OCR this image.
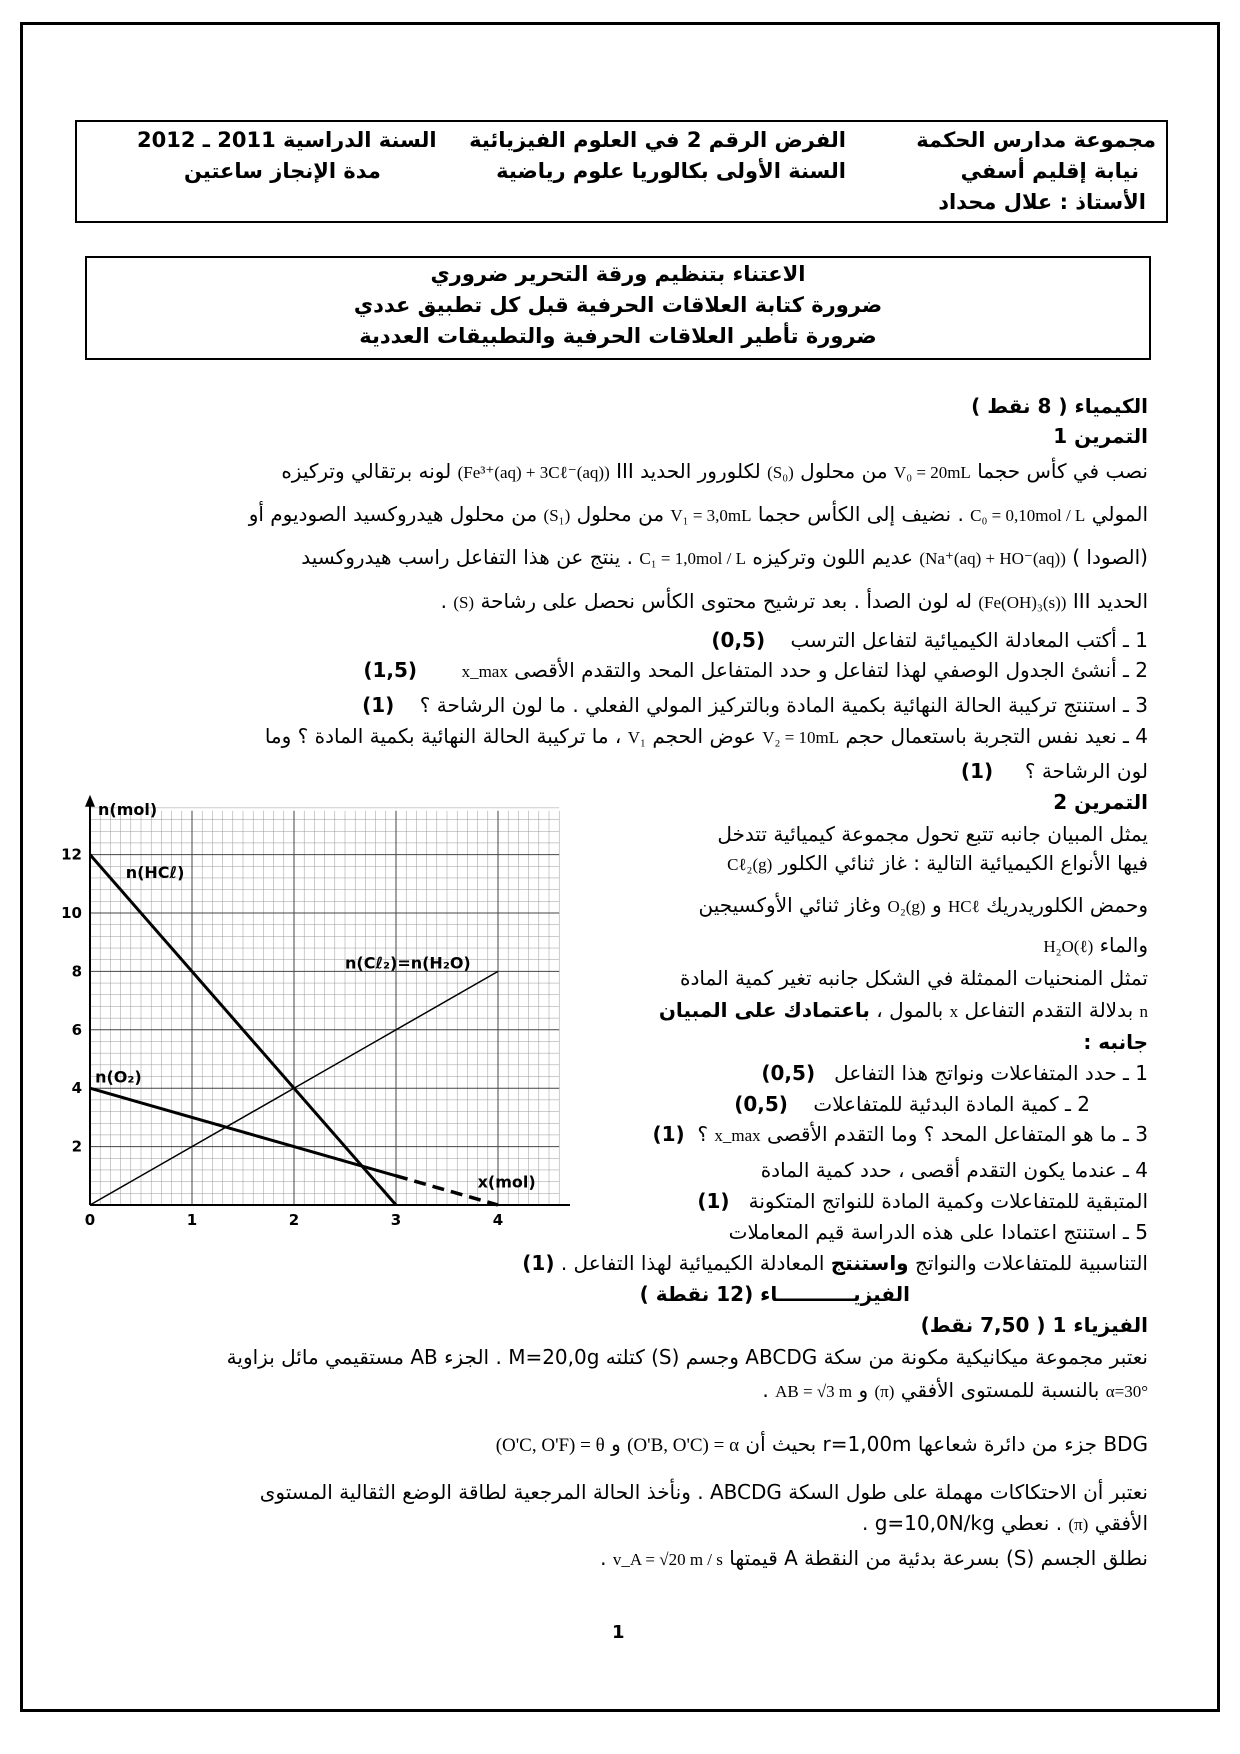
مجموعة مدارس الحكمة
الفرض الرقم 2 في العلوم الفيزيائية
السنة الدراسية 2011 ـ 2012
نيابة إقليم أسفي
السنة الأولى بكالوريا علوم رياضية
مدة الإنجاز ساعتين
الأستاذ : علال محداد
الاعتناء بتنظيم ورقة التحرير ضروري
ضرورة كتابة العلاقات الحرفية قبل كل تطبيق عددي
ضرورة تأطير العلاقات الحرفية والتطبيقات العددية
الكيمياء ( 8 نقط )
التمرين 1
نصب في كأس حجما V₀ = 20mL من محلول (S₀) لكلورور الحديد III (Fe³⁺(aq) + 3Cℓ⁻(aq)) لونه برتقالي وتركيزه
المولي C₀ = 0,10mol / L . نضيف إلى الكأس حجما V₁ = 3,0mL من محلول (S₁) من محلول هيدروكسيد الصوديوم أو
(الصودا ) (Na⁺(aq) + HO⁻(aq)) عديم اللون وتركيزه C₁ = 1,0mol / L . ينتج عن هذا التفاعل راسب هيدروكسيد
الحديد III (Fe(OH)₃(s)) له لون الصدأ . بعد ترشيح محتوى الكأس نحصل على رشاحة (S) .
1 ـ أكتب المعادلة الكيميائية لتفاعل الترسب    (0,5)
2 ـ أنشئ الجدول الوصفي لهذا لتفاعل و حدد المتفاعل المحد والتقدم الأقصى x_max       (1,5)
3 ـ استنتج تركيبة الحالة النهائية بكمية المادة وبالتركيز المولي الفعلي . ما لون الرشاحة ؟    (1)
4 ـ نعيد نفس التجربة باستعمال حجم V₂ = 10mL عوض الحجم V₁ ، ما تركيبة الحالة النهائية بكمية المادة ؟ وما
لون الرشاحة ؟     (1)
التمرين 2
يمثل المبيان جانبه تتبع تحول مجموعة كيميائية تتدخل
فيها الأنواع الكيميائية التالية : غاز ثنائي الكلور Cℓ₂(g)
وحمض الكلوريدريك HCℓ و O₂(g) وغاز ثنائي الأوكسيجين
والماء H₂O(ℓ)
تمثل المنحنيات الممثلة في الشكل جانبه تغير كمية المادة
n بدلالة التقدم التفاعل x بالمول ، باعتمادك على المبيان
جانبه :
1 ـ حدد المتفاعلات ونواتج هذا التفاعل   (0,5)
2 ـ كمية المادة البدئية للمتفاعلات    (0,5)
3 ـ ما هو المتفاعل المحد ؟ وما التقدم الأقصى x_max ؟  (1)
4 ـ عندما يكون التقدم أقصى ، حدد كمية المادة
المتبقية للمتفاعلات وكمية المادة للنواتج المتكونة   (1)
5 ـ استنتج اعتمادا على هذه الدراسة قيم المعاملات
التناسبية للمتفاعلات والنواتج واستنتج المعادلة الكيميائية لهذا التفاعل . (1)
0	1	2	3	4
2
4
6
8
10
12
n(mol)
x(mol)
n(HCℓ)
n(Cℓ₂)=n(H₂O)
n(O₂)
الفيزيـــــــــــاء (12 نقطة )
الفيزياء 1 ( 7,50 نقط)
نعتبر مجموعة ميكانيكية مكونة من سكة ABCDG وجسم (S) كتلته M=20,0g . الجزء AB مستقيمي مائل بزاوية
α=30° بالنسبة للمستوى الأفقي (π) و AB = √3 m .
BDG جزء من دائرة شعاعها r=1,00m بحيث أن (O'B, O'C) = α و (O'C, O'F) = θ
نعتبر أن الاحتكاكات مهملة على طول السكة ABCDG . ونأخذ الحالة المرجعية لطاقة الوضع الثقالية المستوى
الأفقي (π) . نعطي g=10,0N/kg .
نطلق الجسم (S) بسرعة بدئية من النقطة A قيمتها v_A = √20 m / s .
1
